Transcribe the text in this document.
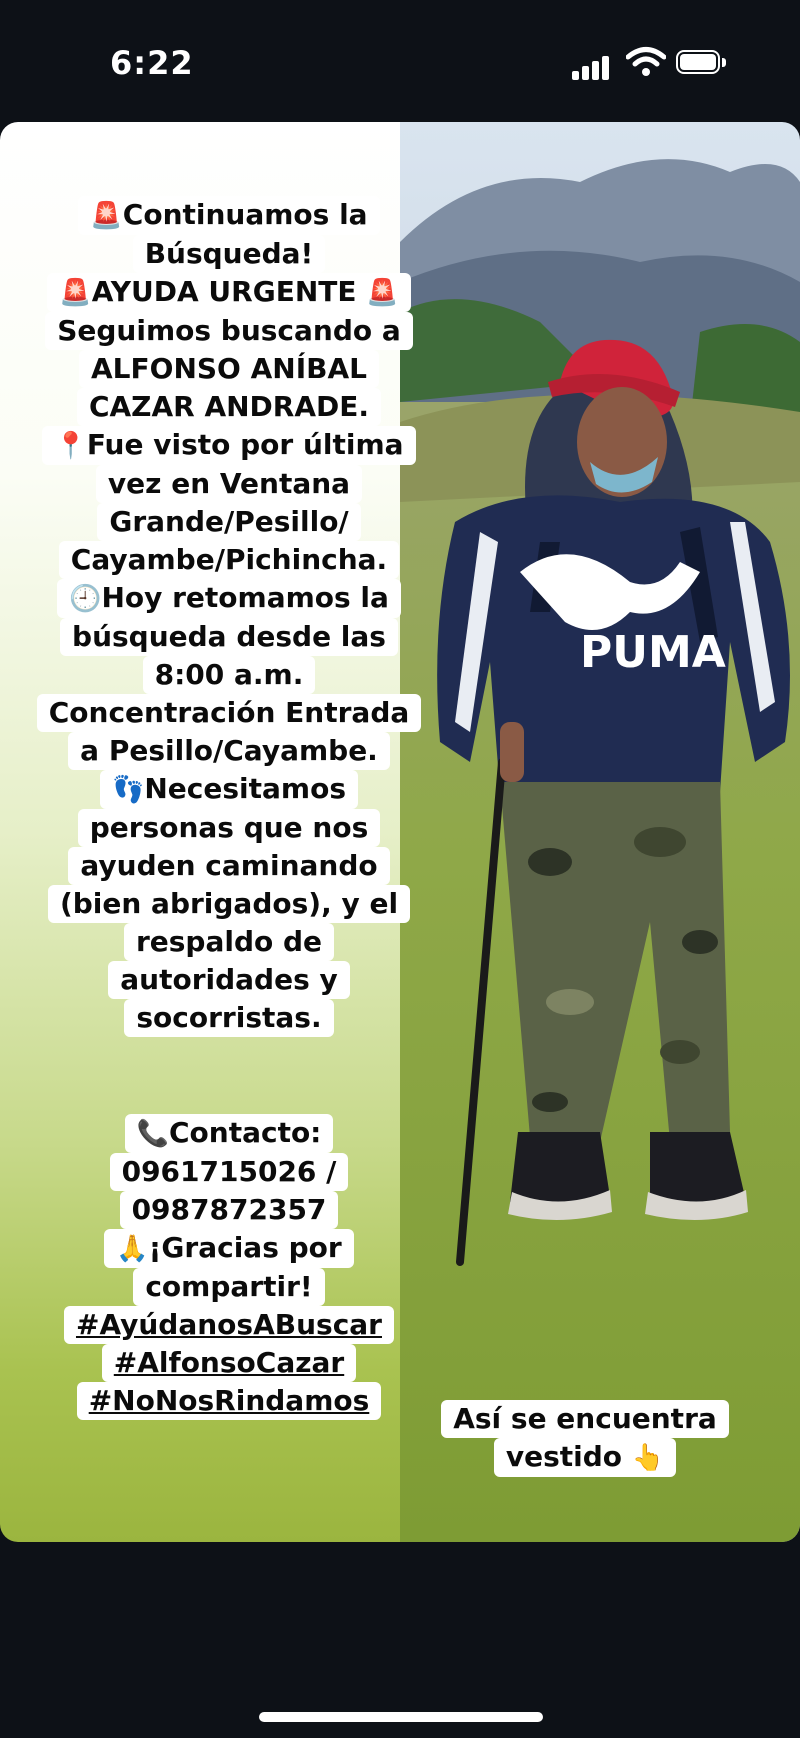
6:22
PUMA
🚨Continuamos la
Búsqueda!
🚨AYUDA URGENTE 🚨
Seguimos buscando a
ALFONSO ANÍBAL
CAZAR ANDRADE.
📍Fue visto por última
vez en Ventana
Grande/Pesillo/
Cayambe/Pichincha.
🕘Hoy retomamos la
búsqueda desde las
8:00 a.m.
Concentración Entrada
a Pesillo/Cayambe.
👣Necesitamos
personas que nos
ayuden caminando
(bien abrigados), y el
respaldo de
autoridades y
socorristas.

📞Contacto:
0961715026 /
0987872357
🙏¡Gracias por
compartir!
#AyúdanosABuscar
#AlfonsoCazar
#NoNosRindamos

Así se encuentra
vestido 👆
